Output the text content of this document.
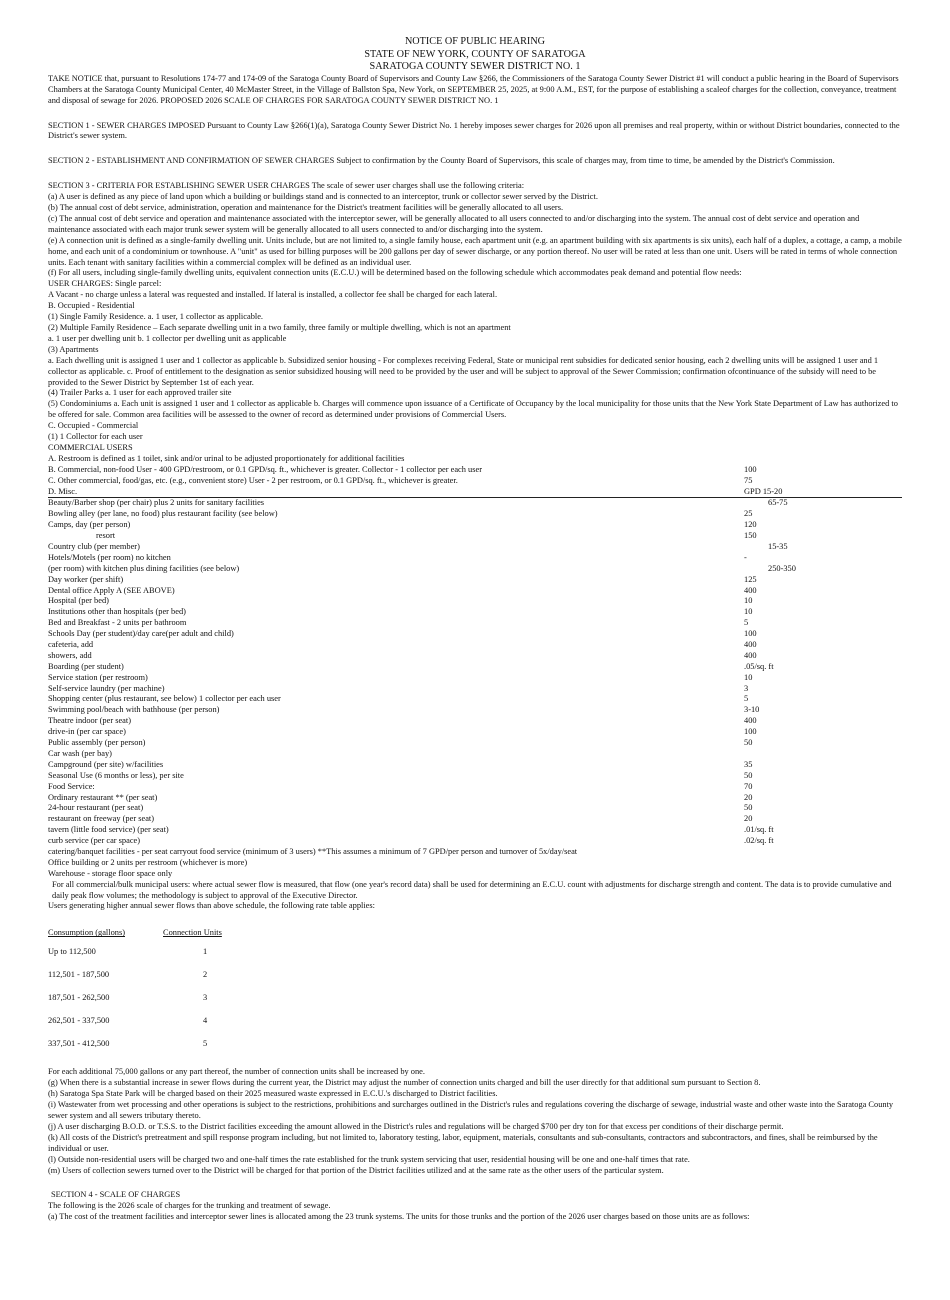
NOTICE OF PUBLIC HEARING
STATE OF NEW YORK, COUNTY OF SARATOGA
SARATOGA COUNTY SEWER DISTRICT NO. 1

TAKE NOTICE that, pursuant to Resolutions 174-77 and 174-09 of the Saratoga County Board of Supervisors and County Law §266, the Commissioners of the Saratoga County Sewer District #1 will conduct a public hearing in the Board of Supervisors Chambers at the Saratoga County Municipal Center, 40 McMaster Street, in the Village of Ballston Spa, New York, on SEPTEMBER 25, 2025, at 9:00 A.M., EST, for the purpose of establishing a scaleof charges for the collection, conveyance, treatment and disposal of sewage for 2026. PROPOSED 2026 SCALE OF CHARGES FOR SARATOGA COUNTY SEWER DISTRICT NO. 1

SECTION 1 - SEWER CHARGES IMPOSED Pursuant to County Law §266(1)(a), Saratoga County Sewer District No. 1 hereby imposes sewer charges for 2026 upon all premises and real property, within or without District boundaries, connected to the District's sewer system.

SECTION 2 - ESTABLISHMENT AND CONFIRMATION OF SEWER CHARGES Subject to confirmation by the County Board of Supervisors, this scale of charges may, from time to time, be amended by the District's Commission.

SECTION 3 - CRITERIA FOR ESTABLISHING SEWER USER CHARGES The scale of sewer user charges shall use the following criteria:

(a) A user is defined as any piece of land upon which a building or buildings stand and is connected to an interceptor, trunk or collector sewer served by the District.

(b) The annual cost of debt service, administration, operation and maintenance for the District's treatment facilities will be generally allocated to all users.

(c) The annual cost of debt service and operation and maintenance associated with the interceptor sewer, will be generally allocated to all users connected to and/or discharging into the system. The annual cost of debt service and operation and maintenance associated with each major trunk sewer system will be generally allocated to all users connected to and/or discharging into the system.

(e) A connection unit is defined as a single-family dwelling unit. Units include, but are not limited to, a single family house, each apartment unit (e.g. an apartment building with six apartments is six units), each half of a duplex, a cottage, a camp, a mobile home, and each unit of a condominium or townhouse. A "unit" as used for billing purposes will be 200 gallons per day of sewer discharge, or any portion thereof. No user will be rated at less than one unit. Users will be rated in terms of whole connection units. Each tenant with sanitary facilities within a commercial complex will be defined as an individual user.

(f) For all users, including single-family dwelling units, equivalent connection units (E.C.U.) will be determined based on the following schedule which accommodates peak demand and potential flow needs:

USER CHARGES: Single parcel:

A Vacant - no charge unless a lateral was requested and installed. If lateral is installed, a collector fee shall be charged for each lateral.

B. Occupied - Residential

(1) Single Family Residence. a. 1 user, 1 collector as applicable.

(2) Multiple Family Residence – Each separate dwelling unit in a two family, three family or multiple dwelling, which is not an apartment

a. 1 user per dwelling unit b. 1 collector per dwelling unit as applicable

(3) Apartments

a. Each dwelling unit is assigned 1 user and 1 collector as applicable b. Subsidized senior housing - For complexes receiving Federal, State or municipal rent subsidies for dedicated senior housing, each 2 dwelling units will be assigned 1 user and 1 collector as applicable. c. Proof of entitlement to the designation as senior subsidized housing will need to be provided by the user and will be subject to approval of the Sewer Commission; confirmation ofcontinuance of the subsidy will need to be provided to the Sewer District by September 1st of each year.

(4) Trailer Parks a. 1 user for each approved trailer site

(5) Condominiums a. Each unit is assigned 1 user and 1 collector as applicable b. Charges will commence upon issuance of a Certificate of Occupancy by the local municipality for those units that the New York State Department of Law has authorized to be offered for sale. Common area facilities will be assessed to the owner of record as determined under provisions of Commercial Users.

C. Occupied - Commercial

(1) 1 Collector for each user

COMMERCIAL USERS

A. Restroom is defined as 1 toilet, sink and/or urinal to be adjusted proportionately for additional facilities

B. Commercial, non-food User - 400 GPD/restroom, or 0.1 GPD/sq. ft., whichever is greater. Collector - 1 collector per each user	100
C. Other commercial, food/gas, etc. (e.g., convenient store) User - 2 per restroom, or 0.1 GPD/sq. ft., whichever is greater.	75
D. Misc.	GPD 15-20
Beauty/Barber shop (per chair) plus 2 units for sanitary facilities	65-75
Bowling alley (per lane, no food) plus restaurant facility (see below)	25
Camps, day (per person)	120
resort	150
Country club (per member)	15-35
Hotels/Motels (per room) no kitchen	-
(per room) with kitchen plus dining facilities (see below)	250-350
Day worker (per shift)	125
Dental office Apply A (SEE ABOVE)	400
Hospital (per bed)	10
Institutions other than hospitals (per bed)	10
Bed and Breakfast - 2 units per bathroom	5
Schools Day (per student)/day care(per adult and child)	100
cafeteria, add	400
showers, add	400
Boarding (per student)	.05/sq. ft
Service station (per restroom)	10
Self-service laundry (per machine)	3
Shopping center (plus restaurant, see below) 1 collector per each user	5
Swimming pool/beach with bathhouse (per person)	3-10
Theatre indoor (per seat)	400
drive-in (per car space)	100
Public assembly (per person)	50
Car wash (per bay)
Campground (per site) w/facilities	35
Seasonal Use (6 months or less), per site	50
Food Service:	70
Ordinary restaurant ** (per seat)	20
24-hour restaurant (per seat)	50
restaurant on freeway (per seat)	20
tavern (little food service) (per seat)	.01/sq. ft
curb service (per car space)	.02/sq. ft
catering/banquet facilities - per seat carryout food service (minimum of 3 users) **This assumes a minimum of 7 GPD/per person and turnover of 5x/day/seat
Office building or 2 units per restroom (whichever is more)
Warehouse - storage floor space only

For all commercial/bulk municipal users: where actual sewer flow is measured, that flow (one year's record data) shall be used for determining an E.C.U. count with adjustments for discharge strength and content. The data is to provide cumulative and daily peak flow volumes; the methodology is subject to approval of the Executive Director.

Users generating higher annual sewer flows than above schedule, the following rate table applies:

Consumption (gallons)	Connection Units
Up to 112,500	1
112,501 - 187,500	2
187,501 - 262,500	3
262,501 - 337,500	4
337,501 - 412,500	5

For each additional 75,000 gallons or any part thereof, the number of connection units shall be increased by one.

(g) When there is a substantial increase in sewer flows during the current year, the District may adjust the number of connection units charged and bill the user directly for that additional sum pursuant to Section 8.

(h) Saratoga Spa State Park will be charged based on their 2025 measured waste expressed in E.C.U.'s discharged to District facilities.

(i) Wastewater from wet processing and other operations is subject to the restrictions, prohibitions and surcharges outlined in the District's rules and regulations covering the discharge of sewage, industrial waste and other waste into the Saratoga County sewer system and all sewers tributary thereto.

(j) A user discharging B.O.D. or T.S.S. to the District facilities exceeding the amount allowed in the District's rules and regulations will be charged $700 per dry ton for that excess per conditions of their discharge permit.

(k) All costs of the District's pretreatment and spill response program including, but not limited to, laboratory testing, labor, equipment, materials, consultants and sub-consultants, contractors and subcontractors, and fines, shall be reimbursed by the individual or user.

(l) Outside non-residential users will be charged two and one-half times the rate established for the trunk system servicing that user, residential housing will be one and one-half times that rate.

(m) Users of collection sewers turned over to the District will be charged for that portion of the District facilities utilized and at the same rate as the other users of the particular system.

SECTION 4 - SCALE OF CHARGES

The following is the 2026 scale of charges for the trunking and treatment of sewage.

(a) The cost of the treatment facilities and interceptor sewer lines is allocated among the 23 trunk systems. The units for those trunks and the portion of the 2026 user charges based on those units are as follows:
